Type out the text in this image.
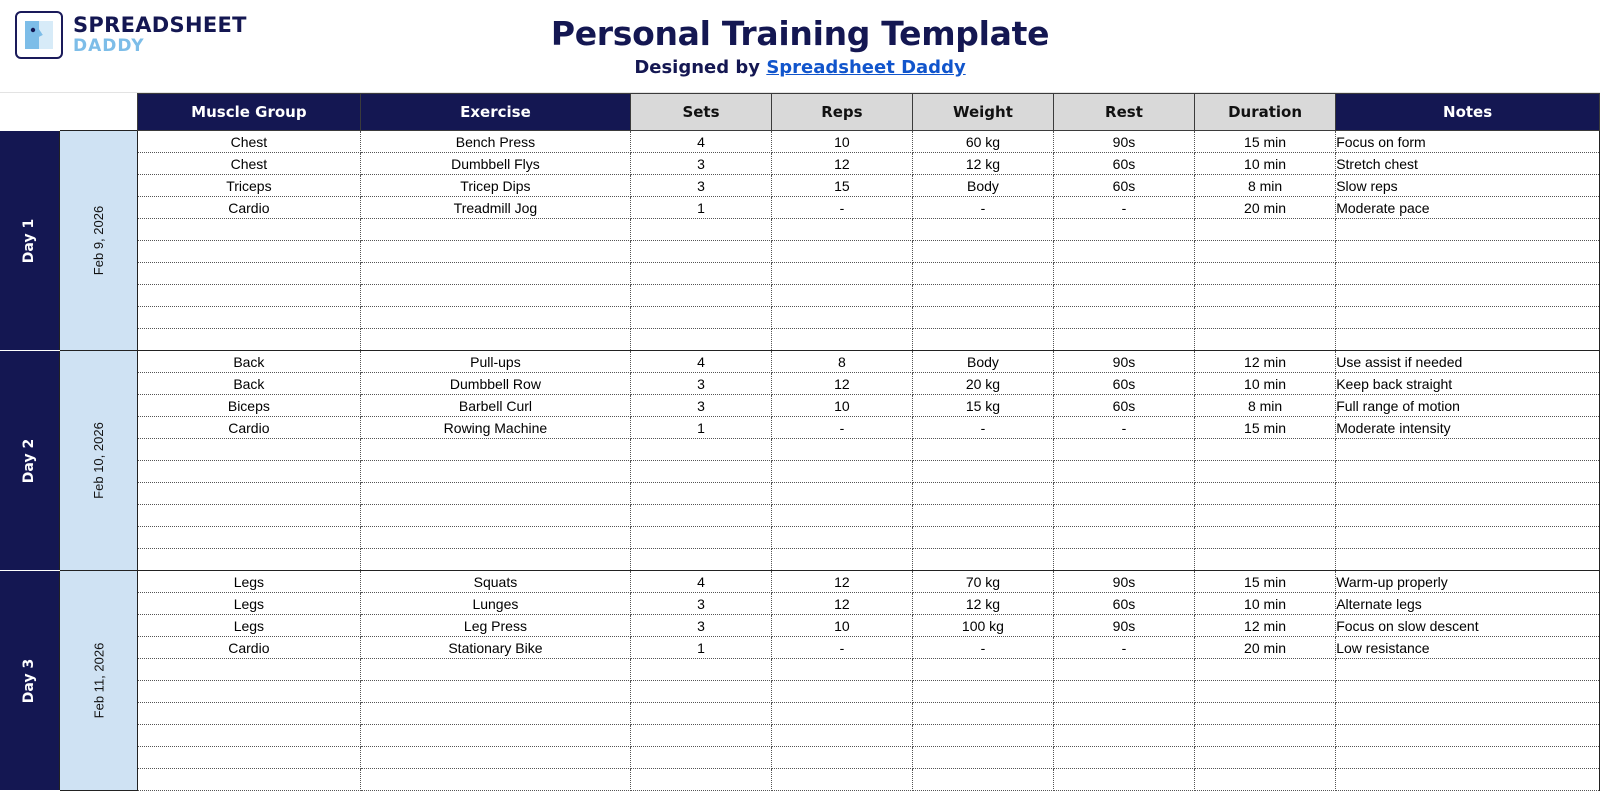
SPREADSHEET
DADDY	Personal Training Template
Designed by Spreadsheet Daddy
		Muscle Group	Exercise	Sets	Reps	Weight	Rest	Duration	Notes
Day 1	Feb 9, 2026	Chest	Bench Press	4	10	60 kg	90s	15 min	Focus on form
		Chest	Dumbbell Flys	3	12	12 kg	60s	10 min	Stretch chest
		Triceps	Tricep Dips	3	15	Body	60s	8 min	Slow reps
		Cardio	Treadmill Jog	1	-	-	-	20 min	Moderate pace

Day 2	Feb 10, 2026	Back	Pull-ups	4	8	Body	90s	12 min	Use assist if needed
		Back	Dumbbell Row	3	12	20 kg	60s	10 min	Keep back straight
		Biceps	Barbell Curl	3	10	15 kg	60s	8 min	Full range of motion
		Cardio	Rowing Machine	1	-	-	-	15 min	Moderate intensity

Day 3	Feb 11, 2026	Legs	Squats	4	12	70 kg	90s	15 min	Warm-up properly
		Legs	Lunges	3	12	12 kg	60s	10 min	Alternate legs
		Legs	Leg Press	3	10	100 kg	90s	12 min	Focus on slow descent
		Cardio	Stationary Bike	1	-	-	-	20 min	Low resistance
